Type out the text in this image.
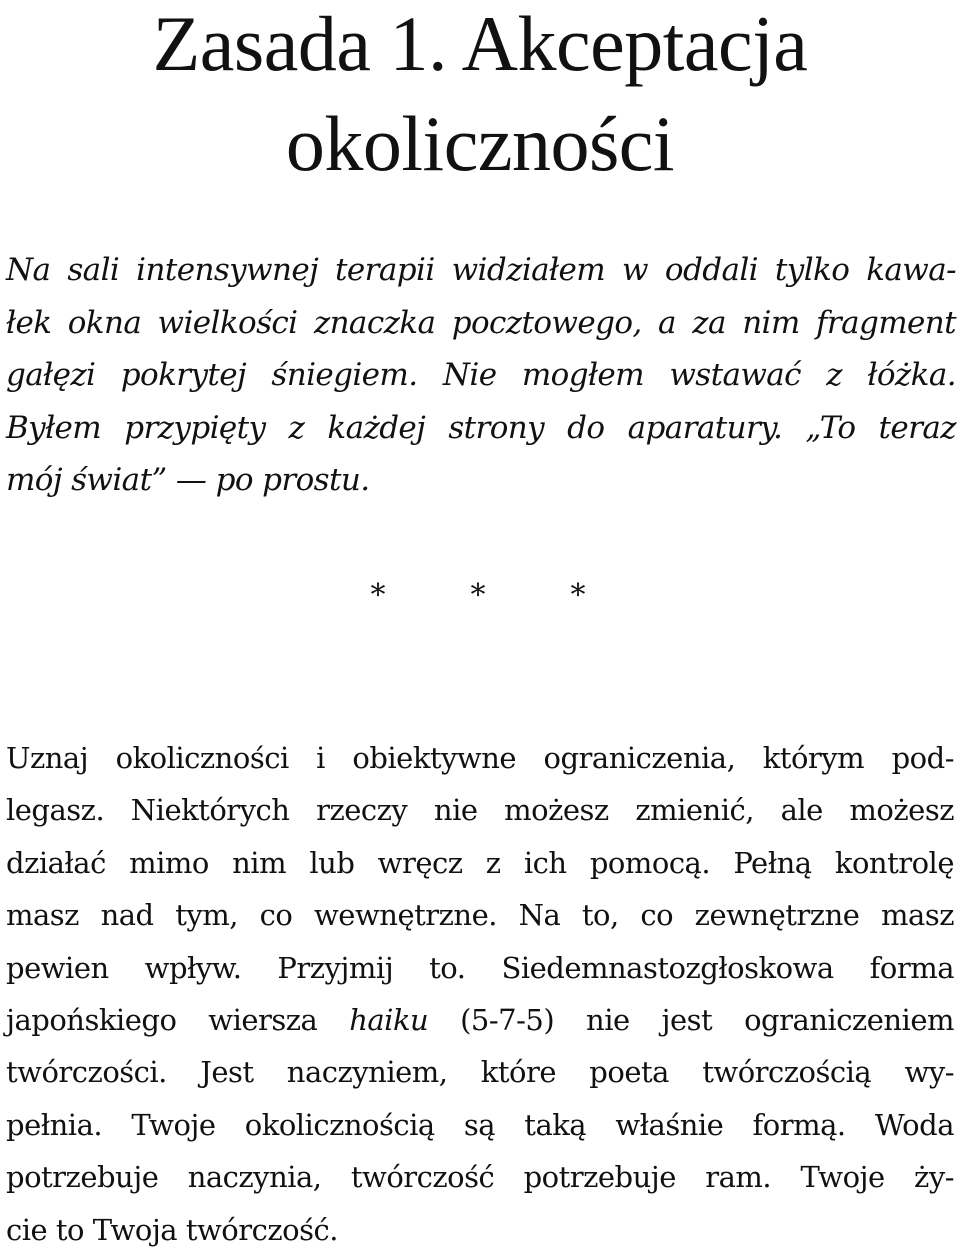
Zasada 1. Akceptacja
okoliczności
Na sali intensywnej terapii widziałem w oddali tylko kawa-
łek okna wielkości znaczka pocztowego, a za nim fragment
gałęzi pokrytej śniegiem. Nie mogłem wstawać z łóżka.
Byłem przypięty z każdej strony do aparatury. „To teraz
mój świat” — po prostu.
*	*	*
Uznaj okoliczności i obiektywne ograniczenia, którym pod-
legasz. Niektórych rzeczy nie możesz zmienić, ale możesz
działać mimo nim lub wręcz z ich pomocą. Pełną kontrolę
masz nad tym, co wewnętrzne. Na to, co zewnętrzne masz
pewien wpływ. Przyjmij to. Siedemnastozgłoskowa forma
japońskiego wiersza haiku (5-7-5) nie jest ograniczeniem
twórczości. Jest naczyniem, które poeta twórczością wy-
pełnia. Twoje okolicznością są taką właśnie formą. Woda
potrzebuje naczynia, twórczość potrzebuje ram. Twoje ży-
cie to Twoja twórczość.
